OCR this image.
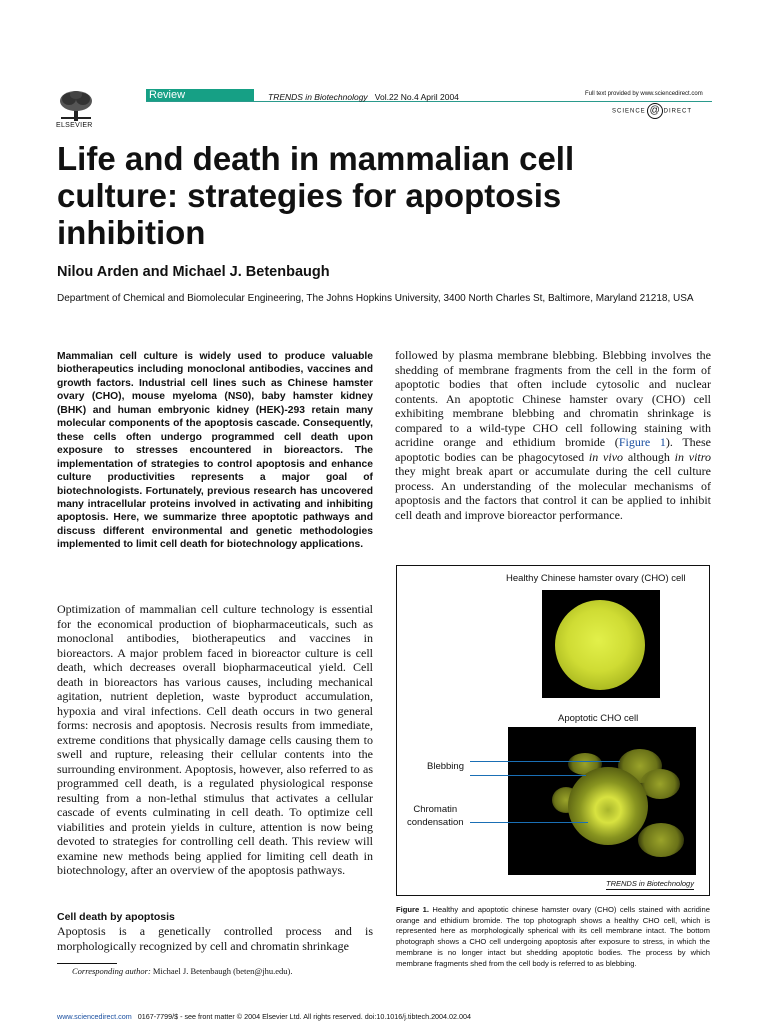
ELSEVIER
Review	TRENDS in Biotechnology Vol.22 No.4 April 2004	Full text provided by www.sciencedirect.com
SCIENCE @ DIRECT
Life and death in mammalian cell culture: strategies for apoptosis inhibition
Nilou Arden and Michael J. Betenbaugh
Department of Chemical and Biomolecular Engineering, The Johns Hopkins University, 3400 North Charles St, Baltimore, Maryland 21218, USA
Mammalian cell culture is widely used to produce valuable biotherapeutics including monoclonal antibodies, vaccines and growth factors. Industrial cell lines such as Chinese hamster ovary (CHO), mouse myeloma (NS0), baby hamster kidney (BHK) and human embryonic kidney (HEK)-293 retain many molecular components of the apoptosis cascade. Consequently, these cells often undergo programmed cell death upon exposure to stresses encountered in bioreactors. The implementation of strategies to control apoptosis and enhance culture productivities represents a major goal of biotechnologists. Fortunately, previous research has uncovered many intracellular proteins involved in activating and inhibiting apoptosis. Here, we summarize three apoptotic pathways and discuss different environmental and genetic methodologies implemented to limit cell death for biotechnology applications.
Optimization of mammalian cell culture technology is essential for the economical production of biopharmaceuticals, such as monoclonal antibodies, biotherapeutics and vaccines in bioreactors. A major problem faced in bioreactor culture is cell death, which decreases overall biopharmaceutical yield. Cell death in bioreactors has various causes, including mechanical agitation, nutrient depletion, waste byproduct accumulation, hypoxia and viral infections. Cell death occurs in two general forms: necrosis and apoptosis. Necrosis results from immediate, extreme conditions that physically damage cells causing them to swell and rupture, releasing their cellular contents into the surrounding environment. Apoptosis, however, also referred to as programmed cell death, is a regulated physiological response resulting from a non-lethal stimulus that activates a cellular cascade of events culminating in cell death. To optimize cell viabilities and protein yields in culture, attention is now being devoted to strategies for controlling cell death. This review will examine new methods being applied for limiting cell death in biotechnology, after an overview of the apoptosis pathways.
Cell death by apoptosis
Apoptosis is a genetically controlled process and is morphologically recognized by cell and chromatin shrinkage
Corresponding author: Michael J. Betenbaugh (beten@jhu.edu).
followed by plasma membrane blebbing. Blebbing involves the shedding of membrane fragments from the cell in the form of apoptotic bodies that often include cytosolic and nuclear contents. An apoptotic Chinese hamster ovary (CHO) cell exhibiting membrane blebbing and chromatin shrinkage is compared to a wild-type CHO cell following staining with acridine orange and ethidium bromide (Figure 1). These apoptotic bodies can be phagocytosed in vivo although in vitro they might break apart or accumulate during the cell culture process. An understanding of the molecular mechanisms of apoptosis and the factors that control it can be applied to inhibit cell death and improve bioreactor performance.
Healthy Chinese hamster ovary (CHO) cell
Apoptotic CHO cell
Blebbing
Chromatin
condensation
TRENDS in Biotechnology
Figure 1. Healthy and apoptotic chinese hamster ovary (CHO) cells stained with acridine orange and ethidium bromide. The top photograph shows a healthy CHO cell, which is represented here as morphologically spherical with its cell membrane intact. The bottom photograph shows a CHO cell undergoing apoptosis after exposure to stress, in which the membrane is no longer intact but shedding apoptotic bodies. The process by which membrane fragments shed from the cell body is referred to as blebbing.
www.sciencedirect.com 0167-7799/$ - see front matter © 2004 Elsevier Ltd. All rights reserved. doi:10.1016/j.tibtech.2004.02.004
